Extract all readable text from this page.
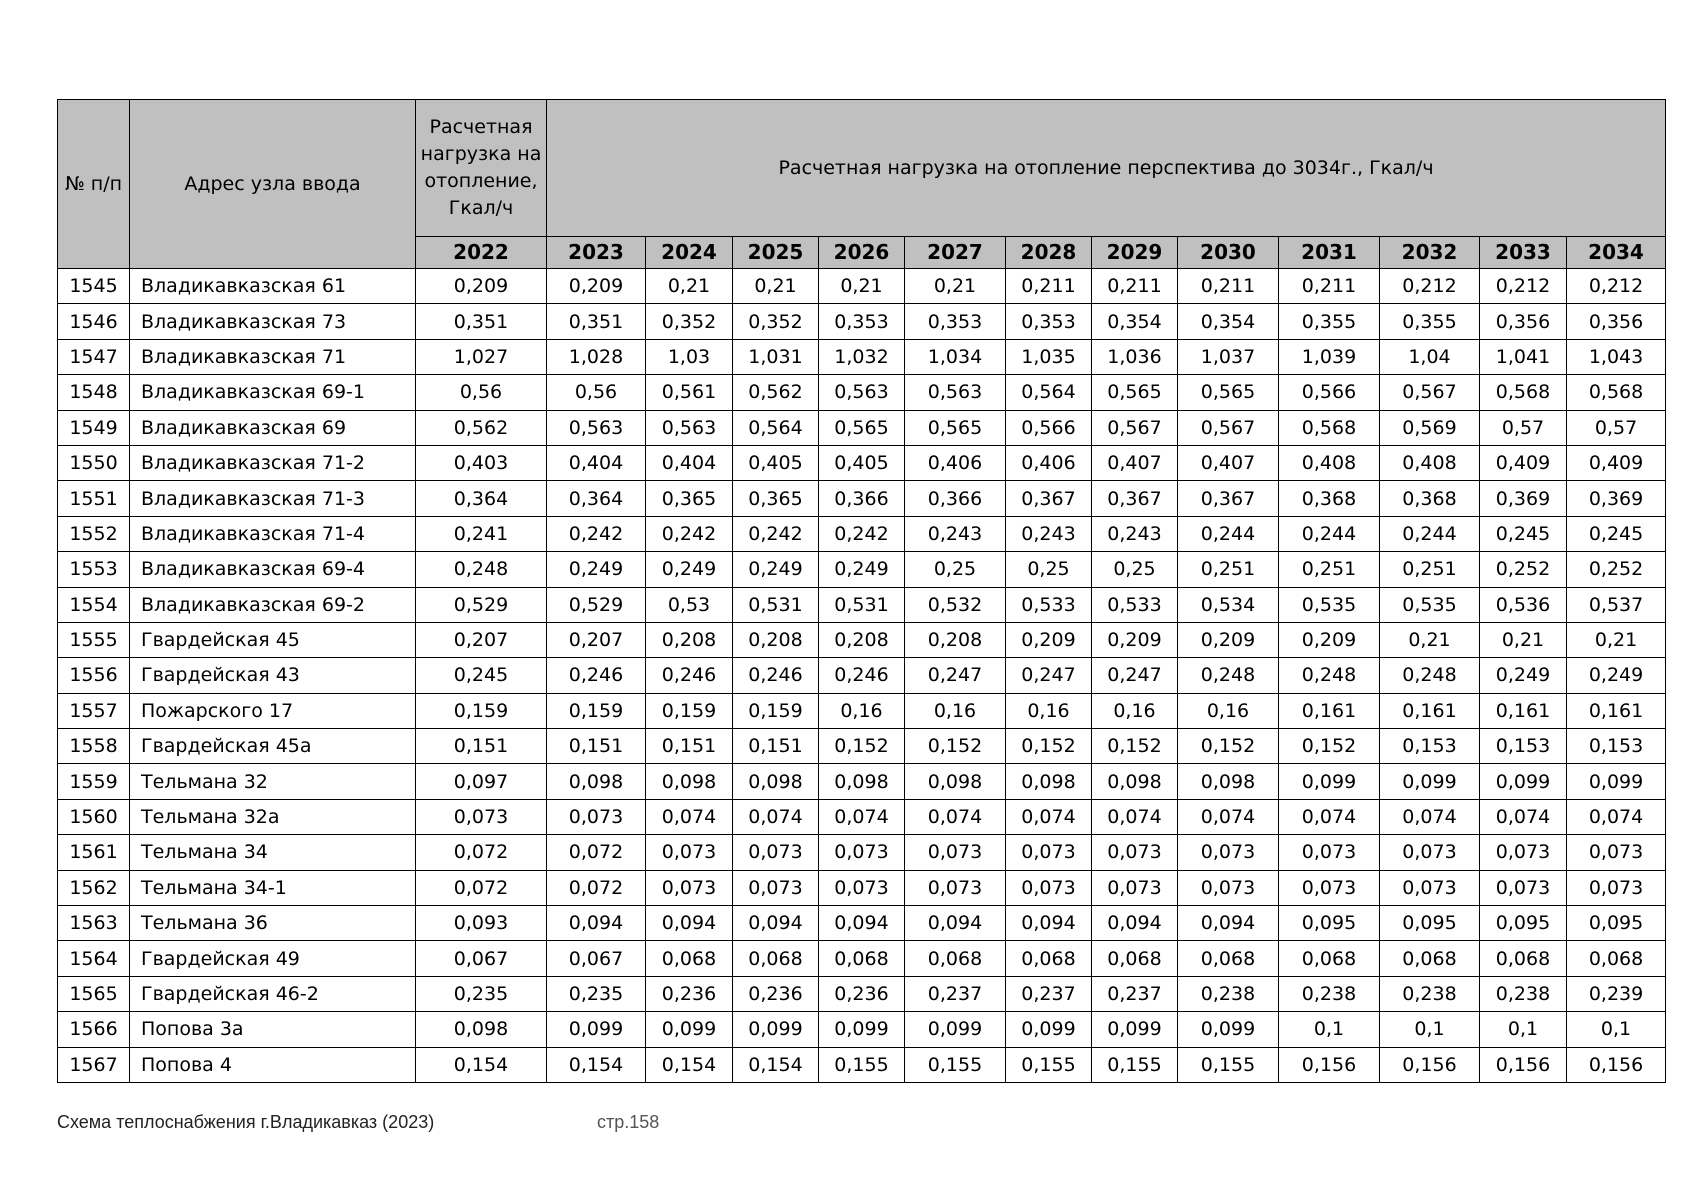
№ п/п	Адрес узла ввода	Расчетная нагрузка на отопление, Гкал/ч	Расчетная нагрузка на отопление перспектива до 3034г., Гкал/ч											
		2022	2023	2024	2025	2026	2027	2028	2029	2030	2031	2032	2033	2034
1545	Владикавказская 61	0,209	0,209	0,21	0,21	0,21	0,21	0,211	0,211	0,211	0,211	0,212	0,212	0,212
1546	Владикавказская 73	0,351	0,351	0,352	0,352	0,353	0,353	0,353	0,354	0,354	0,355	0,355	0,356	0,356
1547	Владикавказская 71	1,027	1,028	1,03	1,031	1,032	1,034	1,035	1,036	1,037	1,039	1,04	1,041	1,043
1548	Владикавказская 69-1	0,56	0,56	0,561	0,562	0,563	0,563	0,564	0,565	0,565	0,566	0,567	0,568	0,568
1549	Владикавказская 69	0,562	0,563	0,563	0,564	0,565	0,565	0,566	0,567	0,567	0,568	0,569	0,57	0,57
1550	Владикавказская 71-2	0,403	0,404	0,404	0,405	0,405	0,406	0,406	0,407	0,407	0,408	0,408	0,409	0,409
1551	Владикавказская 71-3	0,364	0,364	0,365	0,365	0,366	0,366	0,367	0,367	0,367	0,368	0,368	0,369	0,369
1552	Владикавказская 71-4	0,241	0,242	0,242	0,242	0,242	0,243	0,243	0,243	0,244	0,244	0,244	0,245	0,245
1553	Владикавказская 69-4	0,248	0,249	0,249	0,249	0,249	0,25	0,25	0,25	0,251	0,251	0,251	0,252	0,252
1554	Владикавказская 69-2	0,529	0,529	0,53	0,531	0,531	0,532	0,533	0,533	0,534	0,535	0,535	0,536	0,537
1555	Гвардейская 45	0,207	0,207	0,208	0,208	0,208	0,208	0,209	0,209	0,209	0,209	0,21	0,21	0,21
1556	Гвардейская 43	0,245	0,246	0,246	0,246	0,246	0,247	0,247	0,247	0,248	0,248	0,248	0,249	0,249
1557	Пожарского 17	0,159	0,159	0,159	0,159	0,16	0,16	0,16	0,16	0,16	0,161	0,161	0,161	0,161
1558	Гвардейская 45а	0,151	0,151	0,151	0,151	0,152	0,152	0,152	0,152	0,152	0,152	0,153	0,153	0,153
1559	Тельмана 32	0,097	0,098	0,098	0,098	0,098	0,098	0,098	0,098	0,098	0,099	0,099	0,099	0,099
1560	Тельмана 32а	0,073	0,073	0,074	0,074	0,074	0,074	0,074	0,074	0,074	0,074	0,074	0,074	0,074
1561	Тельмана 34	0,072	0,072	0,073	0,073	0,073	0,073	0,073	0,073	0,073	0,073	0,073	0,073	0,073
1562	Тельмана 34-1	0,072	0,072	0,073	0,073	0,073	0,073	0,073	0,073	0,073	0,073	0,073	0,073	0,073
1563	Тельмана 36	0,093	0,094	0,094	0,094	0,094	0,094	0,094	0,094	0,094	0,095	0,095	0,095	0,095
1564	Гвардейская 49	0,067	0,067	0,068	0,068	0,068	0,068	0,068	0,068	0,068	0,068	0,068	0,068	0,068
1565	Гвардейская 46-2	0,235	0,235	0,236	0,236	0,236	0,237	0,237	0,237	0,238	0,238	0,238	0,238	0,239
1566	Попова 3а	0,098	0,099	0,099	0,099	0,099	0,099	0,099	0,099	0,099	0,1	0,1	0,1	0,1
1567	Попова 4	0,154	0,154	0,154	0,154	0,155	0,155	0,155	0,155	0,155	0,156	0,156	0,156	0,156
Схема теплоснабжения г.Владикавказ (2023)	стр.158
